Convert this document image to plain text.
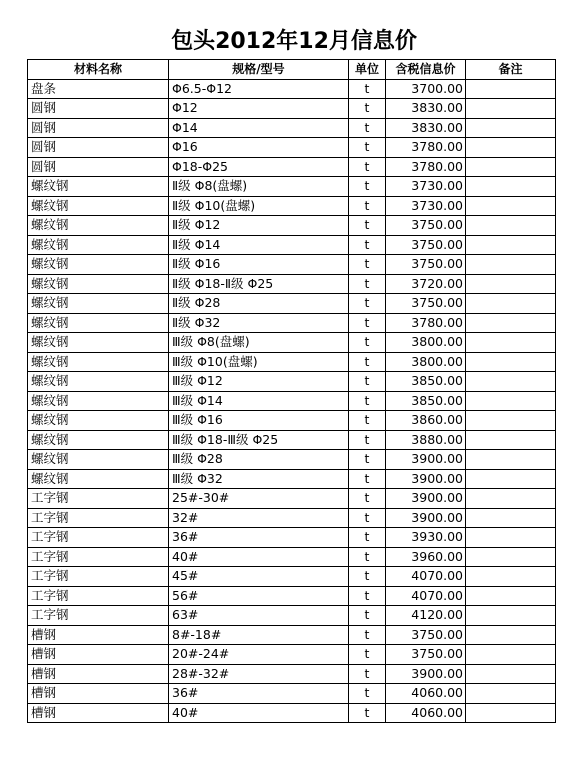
包头2012年12月信息价
材料名称	规格/型号	单位	含税信息价	备注
盘条	Φ6.5-Φ12	t	3700.00	
圆钢	Φ12	t	3830.00	
圆钢	Φ14	t	3830.00	
圆钢	Φ16	t	3780.00	
圆钢	Φ18-Φ25	t	3780.00	
螺纹钢	Ⅱ级 Φ8(盘螺)	t	3730.00	
螺纹钢	Ⅱ级 Φ10(盘螺)	t	3730.00	
螺纹钢	Ⅱ级 Φ12	t	3750.00	
螺纹钢	Ⅱ级 Φ14	t	3750.00	
螺纹钢	Ⅱ级 Φ16	t	3750.00	
螺纹钢	Ⅱ级 Φ18-Ⅱ级 Φ25	t	3720.00	
螺纹钢	Ⅱ级 Φ28	t	3750.00	
螺纹钢	Ⅱ级 Φ32	t	3780.00	
螺纹钢	Ⅲ级 Φ8(盘螺)	t	3800.00	
螺纹钢	Ⅲ级 Φ10(盘螺)	t	3800.00	
螺纹钢	Ⅲ级 Φ12	t	3850.00	
螺纹钢	Ⅲ级 Φ14	t	3850.00	
螺纹钢	Ⅲ级 Φ16	t	3860.00	
螺纹钢	Ⅲ级 Φ18-Ⅲ级 Φ25	t	3880.00	
螺纹钢	Ⅲ级 Φ28	t	3900.00	
螺纹钢	Ⅲ级 Φ32	t	3900.00	
工字钢	25#-30#	t	3900.00	
工字钢	32#	t	3900.00	
工字钢	36#	t	3930.00	
工字钢	40#	t	3960.00	
工字钢	45#	t	4070.00	
工字钢	56#	t	4070.00	
工字钢	63#	t	4120.00	
槽钢	8#-18#	t	3750.00	
槽钢	20#-24#	t	3750.00	
槽钢	28#-32#	t	3900.00	
槽钢	36#	t	4060.00	
槽钢	40#	t	4060.00	
